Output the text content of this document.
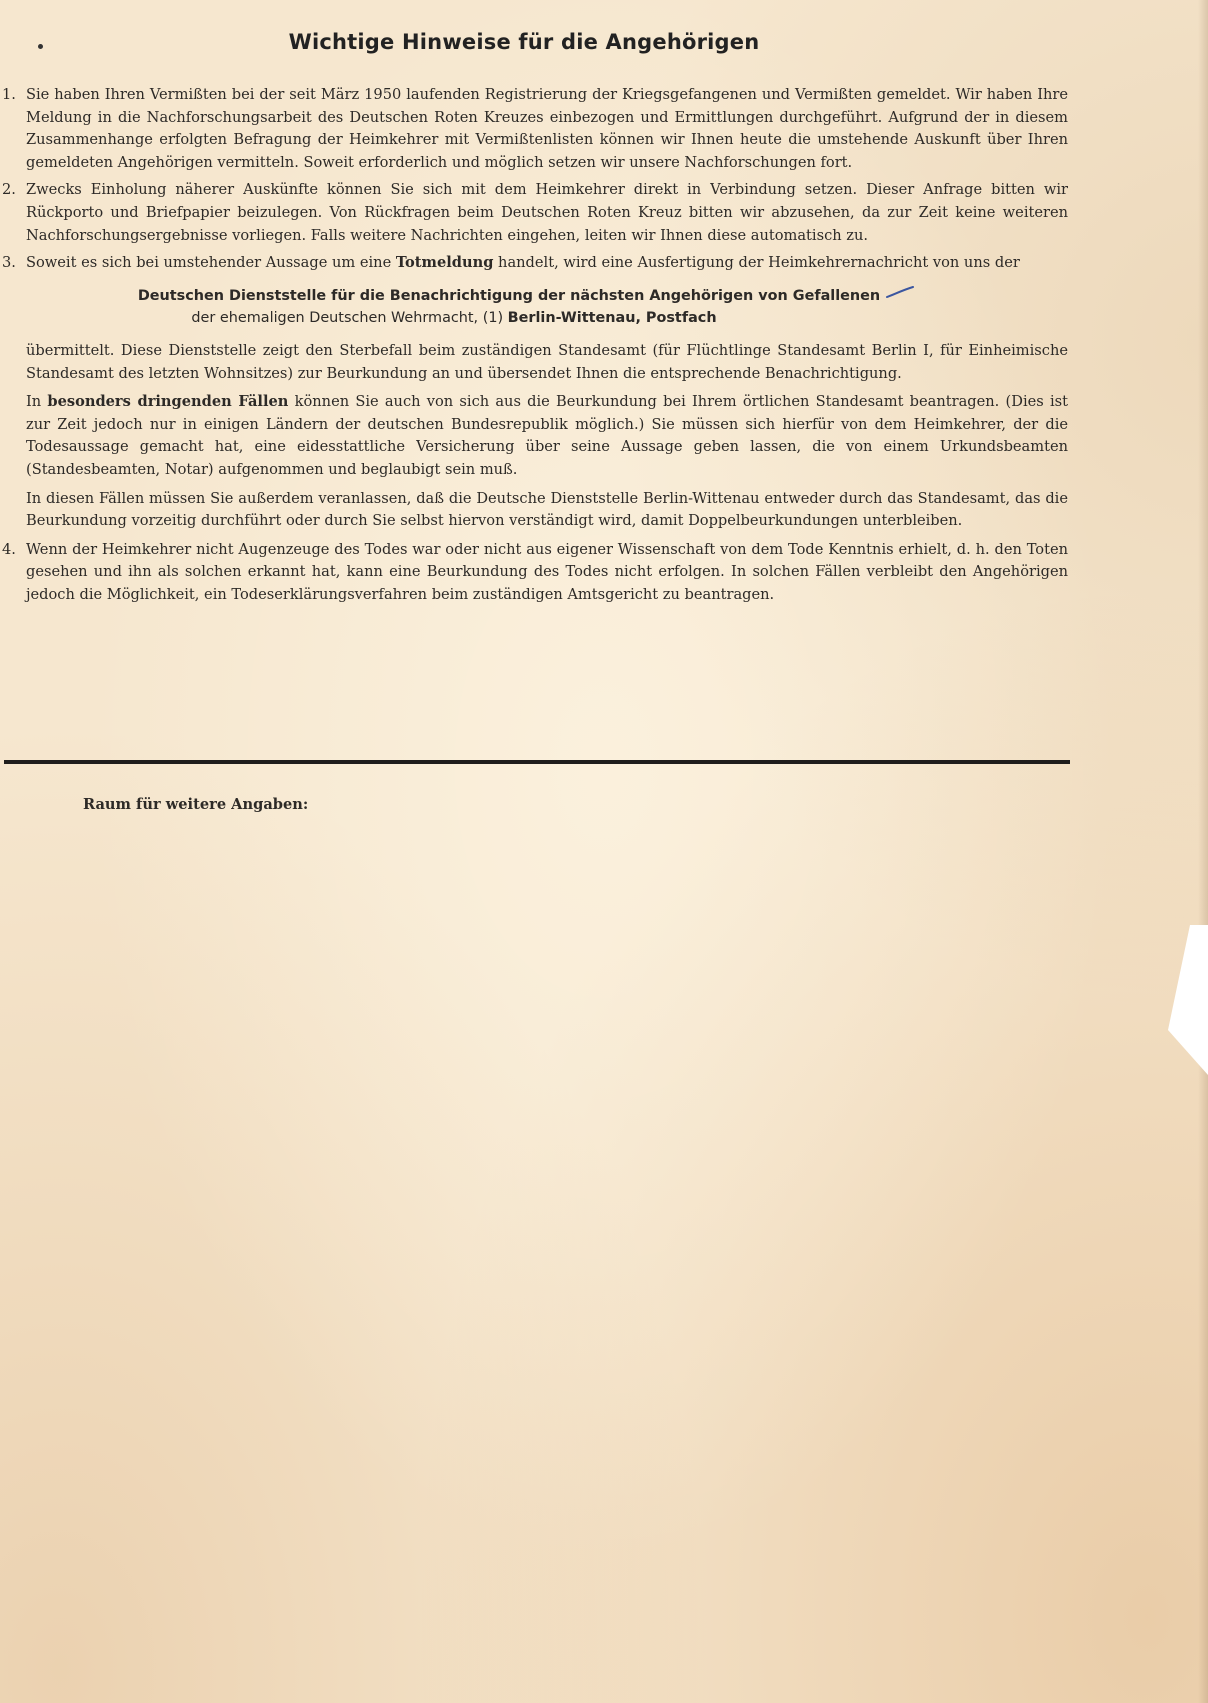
Wichtige Hinweise für die Angehörigen
1. Sie haben Ihren Vermißten bei der seit März 1950 laufenden Registrierung der Kriegsgefangenen und Vermißten gemeldet. Wir haben Ihre Meldung in die Nachforschungsarbeit des Deutschen Roten Kreuzes einbezogen und Ermittlungen durchgeführt. Aufgrund der in diesem Zusammenhange erfolgten Befragung der Heimkehrer mit Vermißtenlisten können wir Ihnen heute die umstehende Auskunft über Ihren gemeldeten Angehörigen vermitteln. Soweit erforderlich und möglich setzen wir unsere Nachforschungen fort.
2. Zwecks Einholung näherer Auskünfte können Sie sich mit dem Heimkehrer direkt in Verbindung setzen. Dieser Anfrage bitten wir Rückporto und Briefpapier beizulegen. Von Rückfragen beim Deutschen Roten Kreuz bitten wir abzusehen, da zur Zeit keine weiteren Nachforschungsergebnisse vorliegen. Falls weitere Nachrichten eingehen, leiten wir Ihnen diese automatisch zu.
3. Soweit es sich bei umstehender Aussage um eine Totmeldung handelt, wird eine Ausfertigung der Heimkehrernachricht von uns der
Deutschen Dienststelle für die Benachrichtigung der nächsten Angehörigen von Gefallenen
der ehemaligen Deutschen Wehrmacht, (1) Berlin-Wittenau, Postfach
übermittelt. Diese Dienststelle zeigt den Sterbefall beim zuständigen Standesamt (für Flüchtlinge Standesamt Berlin I, für Einheimische Standesamt des letzten Wohnsitzes) zur Beurkundung an und übersendet Ihnen die entsprechende Benachrichtigung.
In besonders dringenden Fällen können Sie auch von sich aus die Beurkundung bei Ihrem örtlichen Standesamt beantragen. (Dies ist zur Zeit jedoch nur in einigen Ländern der deutschen Bundesrepublik möglich.) Sie müssen sich hierfür von dem Heimkehrer, der die Todesaussage gemacht hat, eine eidesstattliche Versicherung über seine Aussage geben lassen, die von einem Urkundsbeamten (Standesbeamten, Notar) aufgenommen und beglaubigt sein muß.
In diesen Fällen müssen Sie außerdem veranlassen, daß die Deutsche Dienststelle Berlin-Wittenau entweder durch das Standesamt, das die Beurkundung vorzeitig durchführt oder durch Sie selbst hiervon verständigt wird, damit Doppelbeurkundungen unterbleiben.
4. Wenn der Heimkehrer nicht Augenzeuge des Todes war oder nicht aus eigener Wissenschaft von dem Tode Kenntnis erhielt, d. h. den Toten gesehen und ihn als solchen erkannt hat, kann eine Beurkundung des Todes nicht erfolgen. In solchen Fällen verbleibt den Angehörigen jedoch die Möglichkeit, ein Todeserklärungsverfahren beim zuständigen Amtsgericht zu beantragen.
Raum für weitere Angaben:
